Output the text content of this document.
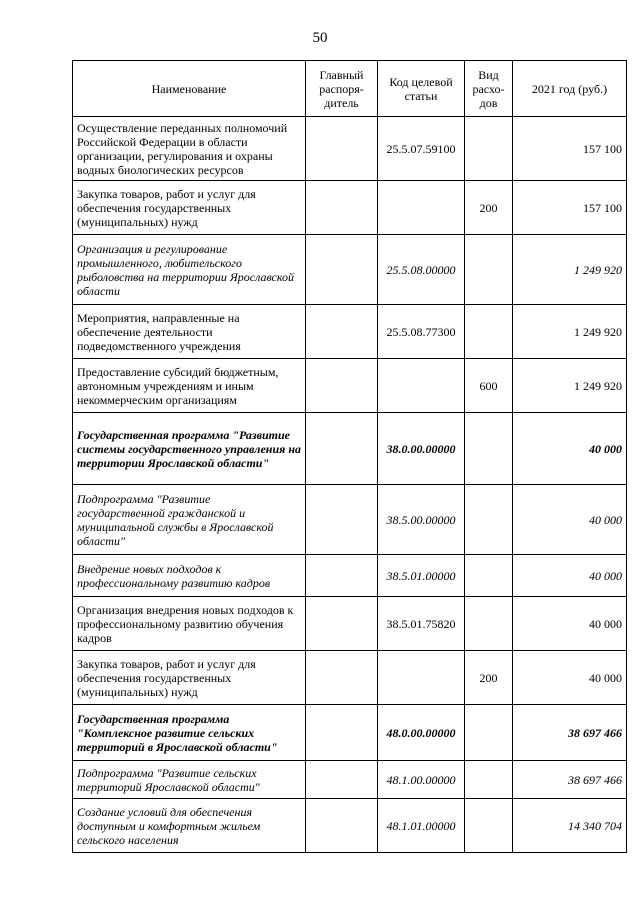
50
Наименование	Главный распоря-дитель	Код целевой статьи	Вид расхо-дов	2021 год (руб.)
Осуществление переданных полномочий Российской Федерации в области организации, регулирования и охраны водных биологических ресурсов		25.5.07.59100		157 100
Закупка товаров, работ и услуг для обеспечения государственных (муниципальных) нужд			200	157 100
Организация и регулирование промышленного, любительского рыболовства на территории Ярославской области		25.5.08.00000		1 249 920
Мероприятия, направленные на обеспечение деятельности подведомственного учреждения		25.5.08.77300		1 249 920
Предоставление субсидий бюджетным, автономным учреждениям и иным некоммерческим организациям			600	1 249 920
Государственная программа "Развитие системы государственного управления на территории Ярославской области"		38.0.00.00000		40 000
Подпрограмма "Развитие государственной гражданской и муниципальной службы в Ярославской области"		38.5.00.00000		40 000
Внедрение новых подходов к профессиональному развитию кадров		38.5.01.00000		40 000
Организация внедрения новых подходов к профессиональному развитию обучения кадров		38.5.01.75820		40 000
Закупка товаров, работ и услуг для обеспечения государственных (муниципальных) нужд			200	40 000
Государственная программа "Комплексное развитие сельских территорий в Ярославской области"		48.0.00.00000		38 697 466
Подпрограмма "Развитие сельских территорий Ярославской области"		48.1.00.00000		38 697 466
Создание условий для обеспечения доступным и комфортным жильем сельского населения		48.1.01.00000		14 340 704
